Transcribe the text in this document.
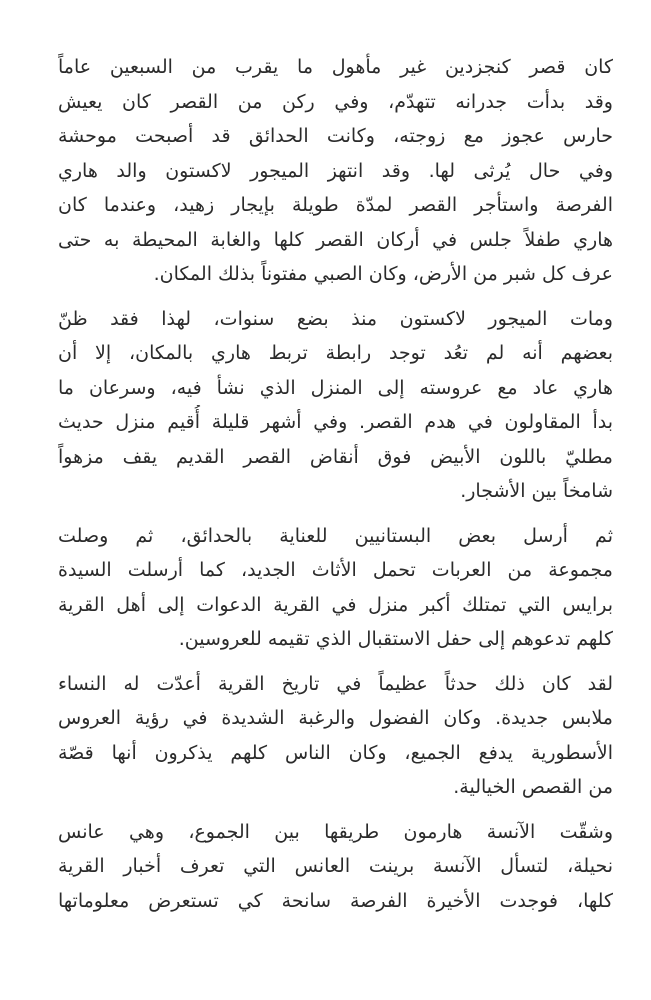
كان قصر كنجزدين غير مأهول ما يقرب من السبعين عاماً
وقد بدأت جدرانه تتهدّم، وفي ركن من القصر كان يعيش
حارس عجوز مع زوجته، وكانت الحدائق قد أصبحت موحشة
وفي حال يُرثى لها. وقد انتهز الميجور لاكستون والد هاري
الفرصة واستأجر القصر لمدّة طويلة بإيجار زهيد، وعندما كان
هاري طفلاً جلس في أركان القصر كلها والغابة المحيطة به حتى
عرف كل شبر من الأرض، وكان الصبي مفتوناً بذلك المكان.

ومات الميجور لاكستون منذ بضع سنوات، لهذا فقد ظنّ
بعضهم أنه لم تعُد توجد رابطة تربط هاري بالمكان، إلا أن
هاري عاد مع عروسته إلى المنزل الذي نشأ فيه، وسرعان ما
بدأ المقاولون في هدم القصر. وفي أشهر قليلة أُقيم منزل حديث
مطليّ باللون الأبيض فوق أنقاض القصر القديم يقف مزهواً
شامخاً بين الأشجار.

ثم أرسل بعض البستانيين للعناية بالحدائق، ثم وصلت
مجموعة من العربات تحمل الأثاث الجديد، كما أرسلت السيدة
برايس التي تمتلك أكبر منزل في القرية الدعوات إلى أهل القرية
كلهم تدعوهم إلى حفل الاستقبال الذي تقيمه للعروسين.

لقد كان ذلك حدثاً عظيماً في تاريخ القرية أعدّت له النساء
ملابس جديدة. وكان الفضول والرغبة الشديدة في رؤية العروس
الأسطورية يدفع الجميع، وكان الناس كلهم يذكرون أنها قصّة
من القصص الخيالية.

وشقّت الآنسة هارمون طريقها بين الجموع، وهي عانس
نحيلة، لتسأل الآنسة برينت العانس التي تعرف أخبار القرية
كلها، فوجدت الأخيرة الفرصة سانحة كي تستعرض معلوماتها
